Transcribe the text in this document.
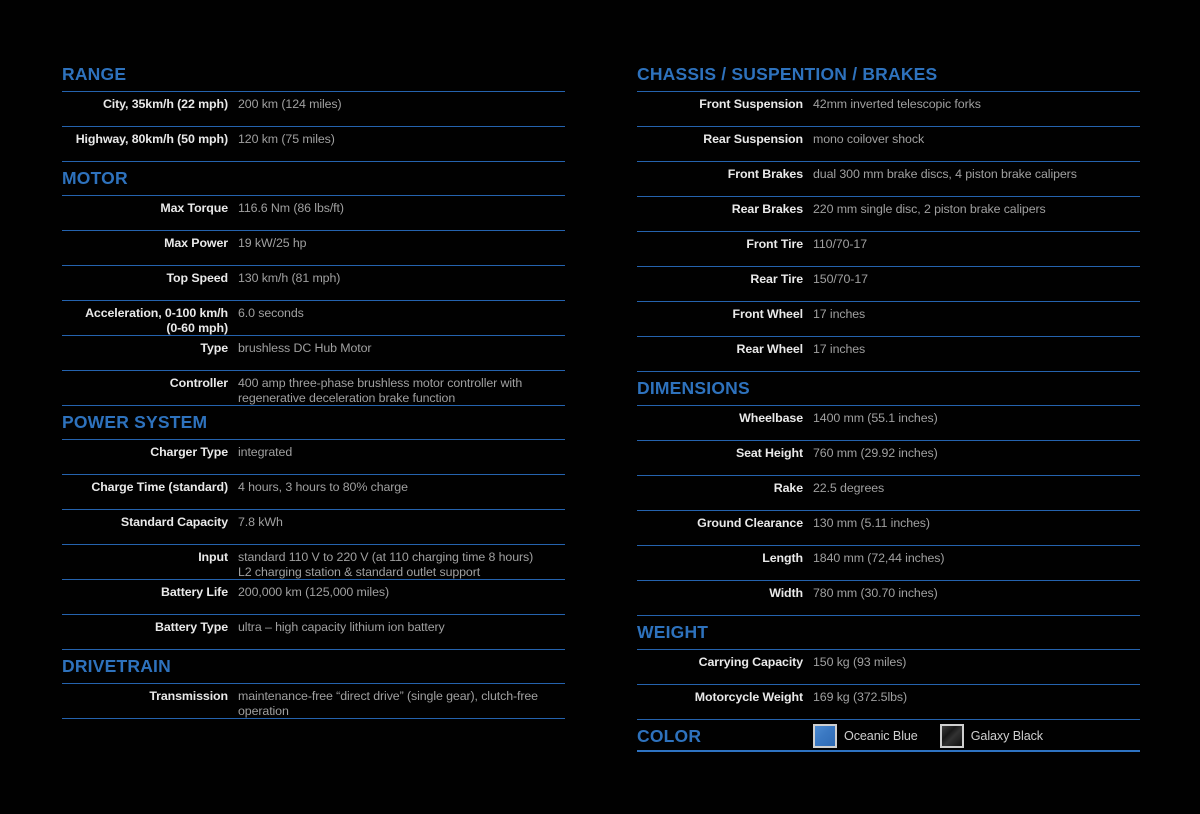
RANGE
City, 35km/h (22 mph) 200 km (124 miles)
Highway, 80km/h (50 mph) 120 km (75 miles)
MOTOR
Max Torque 116.6 Nm (86 lbs/ft)
Max Power 19 kW/25 hp
Top Speed 130 km/h (81 mph)
Acceleration, 0-100 km/h
(0-60 mph)
6.0 seconds
Type brushless DC Hub Motor
Controller 400 amp three-phase brushless motor controller with
regenerative deceleration brake function
POWER SYSTEM
Charger Type integrated
Charge Time (standard) 4 hours, 3 hours to 80% charge
Standard Capacity 7.8 kWh
Input standard 110 V to 220 V (at 110 charging time 8 hours)
L2 charging station & standard outlet support
Battery Life 200,000 km (125,000 miles)
Battery Type ultra – high capacity lithium ion battery
DRIVETRAIN
Transmission maintenance-free “direct drive” (single gear), clutch-free
operation
CHASSIS / SUSPENTION / BRAKES
Front Suspension 42mm inverted telescopic forks
Rear Suspension mono coilover shock
Front Brakes dual 300 mm brake discs, 4 piston brake calipers
Rear Brakes 220 mm single disc, 2 piston brake calipers
Front Tire 110/70-17
Rear Tire 150/70-17
Front Wheel 17 inches
Rear Wheel 17 inches
DIMENSIONS
Wheelbase 1400 mm (55.1 inches)
Seat Height 760 mm (29.92 inches)
Rake 22.5 degrees
Ground Clearance 130 mm (5.11 inches)
Length 1840 mm (72,44 inches)
Width 780 mm (30.70 inches)
WEIGHT
Carrying Capacity 150 kg (93 miles)
Motorcycle Weight 169 kg (372.5lbs)
COLOR	Oceanic Blue	Galaxy Black
